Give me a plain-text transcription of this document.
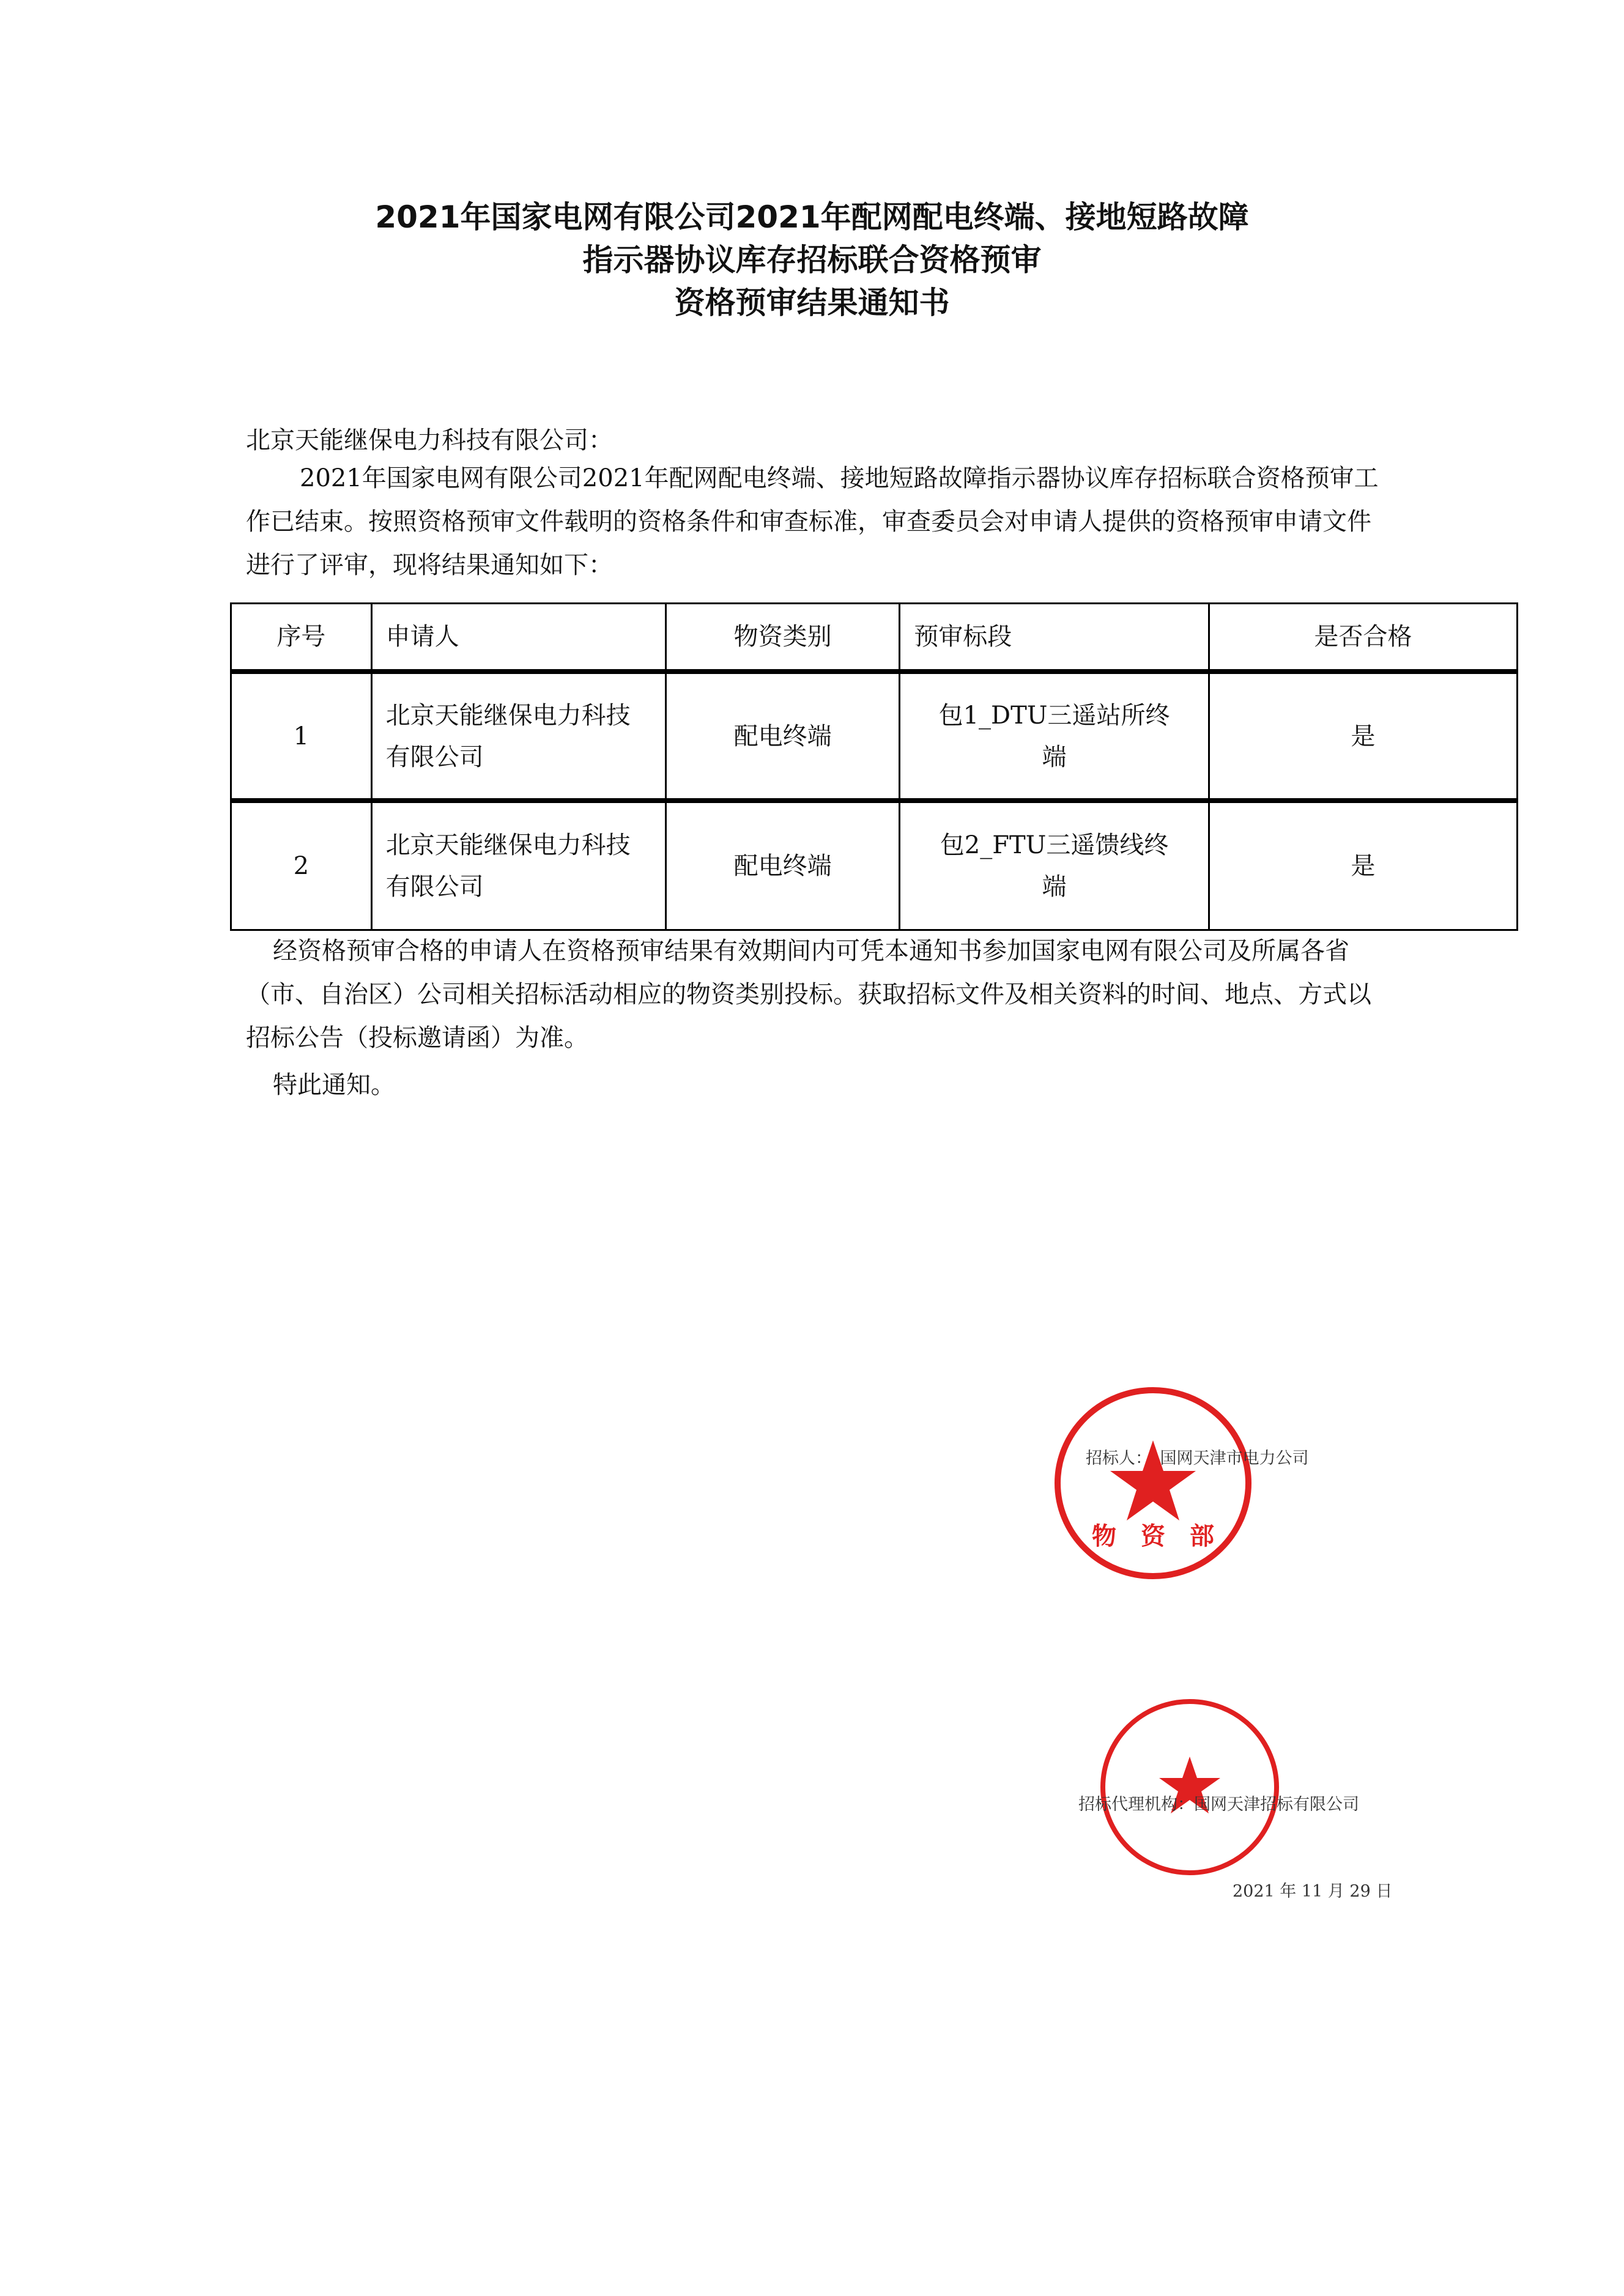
2021年国家电网有限公司2021年配网配电终端、接地短路故障
指示器协议库存招标联合资格预审
资格预审结果通知书
北京天能继保电力科技有限公司：
2021年国家电网有限公司2021年配网配电终端、接地短路故障指示器协议库存招标联合资格预审工作已结束。按照资格预审文件载明的资格条件和审查标准，审查委员会对申请人提供的资格预审申请文件进行了评审，现将结果通知如下：
序号	申请人	物资类别	预审标段	是否合格
1	北京天能继保电力科技有限公司	配电终端	包1_DTU三遥站所终端	是
2	北京天能继保电力科技有限公司	配电终端	包2_FTU三遥馈线终端	是
经资格预审合格的申请人在资格预审结果有效期间内可凭本通知书参加国家电网有限公司及所属各省（市、自治区）公司相关招标活动相应的物资类别投标。获取招标文件及相关资料的时间、地点、方式以招标公告（投标邀请函）为准。
特此通知。
物　资　部
招标人：　国网天津市电力公司
招标代理机构：国网天津招标有限公司
2021 年 11 月 29 日
